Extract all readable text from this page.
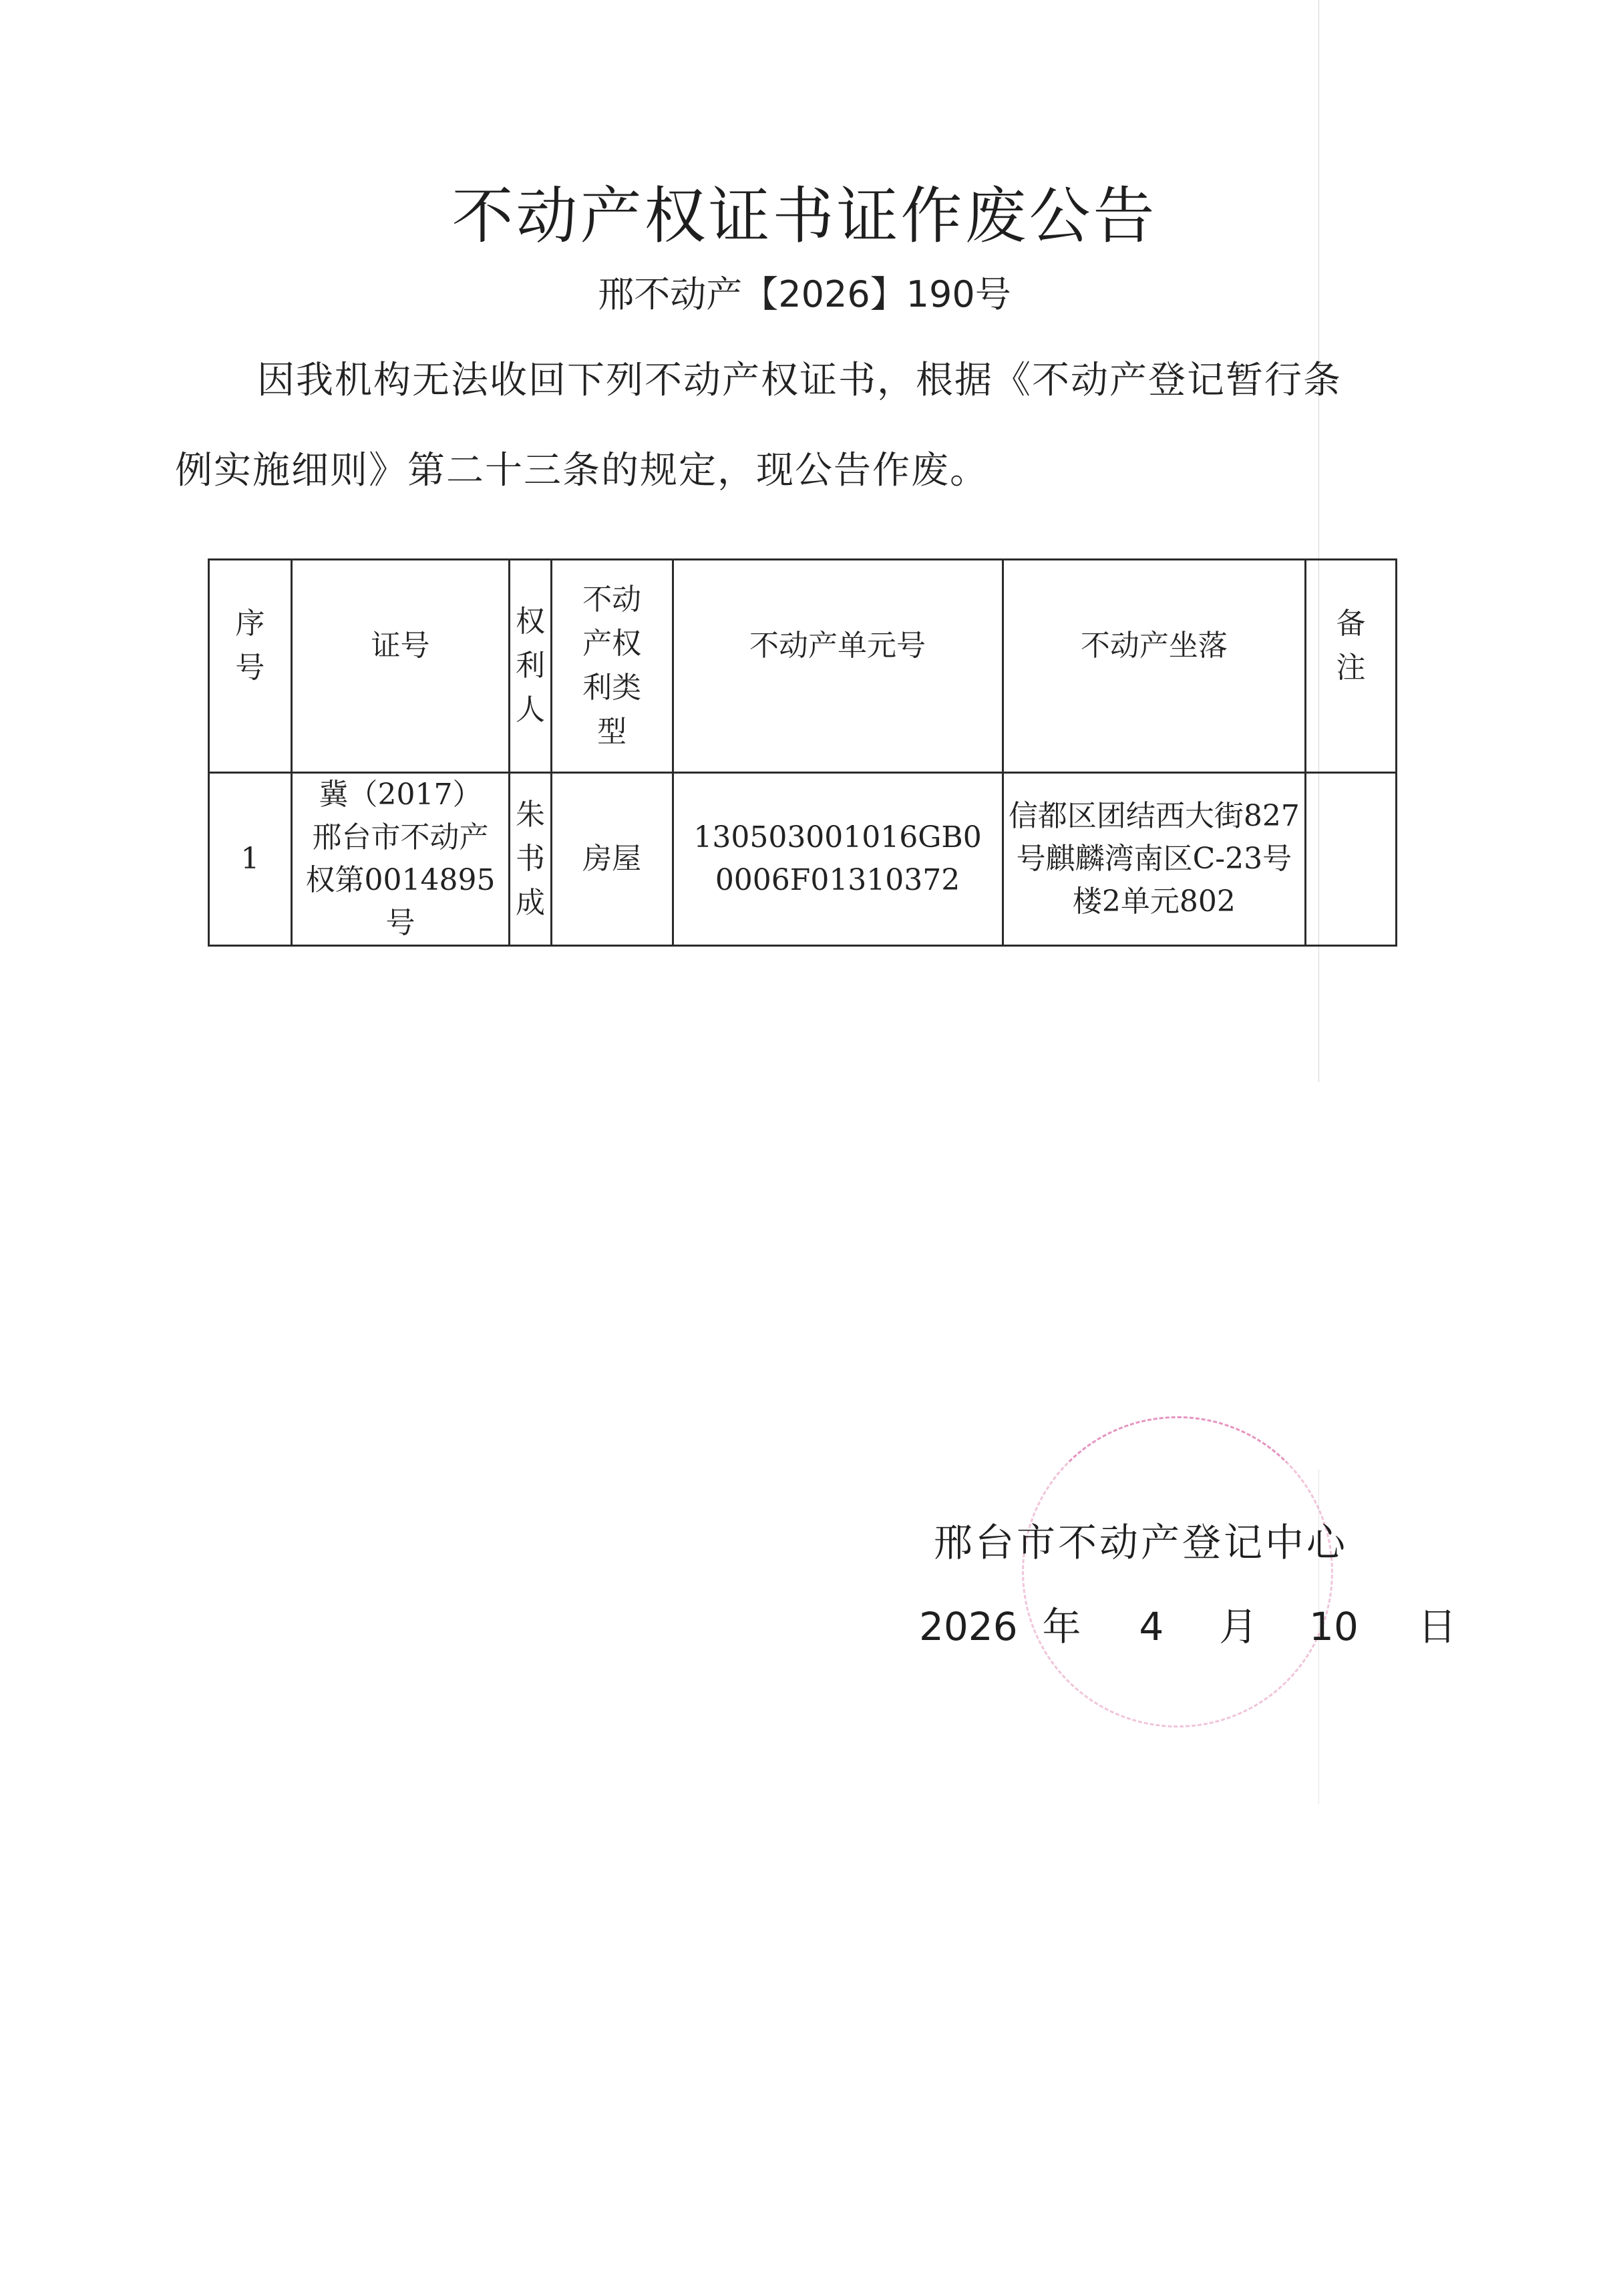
不动产权证书证作废公告
邢不动产【2026】190号
因我机构无法收回下列不动产权证书，根据《不动产登记暂行条
例实施细则》第二十三条的规定，现公告作废。
序号	证号	权利人	不动产权利类型	不动产单元号	不动产坐落	备注
1	冀（2017）邢台市不动产权第0014895号	朱书成	房屋	130503001016GB00006F01310372	信都区团结西大街827号麒麟湾南区C-23号楼2单元802	
邢台市不动产登记中心
2026 年 4 月 10 日
